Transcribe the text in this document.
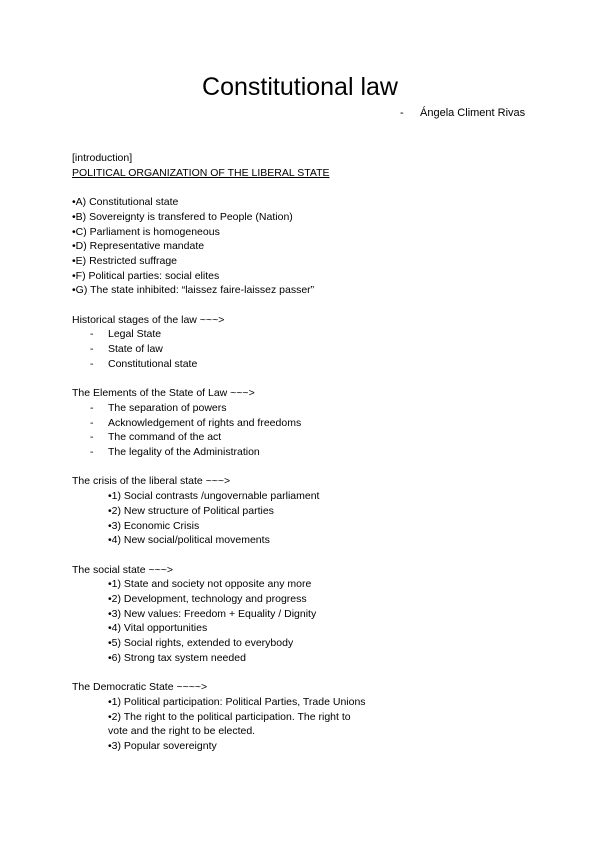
Constitutional law
- Ángela Climent Rivas
[introduction]
POLITICAL ORGANIZATION OF THE LIBERAL STATE
•A) Constitutional state
•B) Sovereignty is transfered to People (Nation)
•C) Parliament is homogeneous
•D) Representative mandate
•E) Restricted suffrage
•F) Political parties: social elites
•G) The state inhibited: “laissez faire-laissez passer”
Historical stages of the law ~~~>
- Legal State
- State of law
- Constitutional state
The Elements of the State of Law ~~~>
- The separation of powers
- Acknowledgement of rights and freedoms
- The command of the act
- The legality of the Administration
The crisis of the liberal state ~~~>
•1) Social contrasts /ungovernable parliament
•2) New structure of Political parties
•3) Economic Crisis
•4) New social/political movements
The social state ~~~>
•1) State and society not opposite any more
•2) Development, technology and progress
•3) New values: Freedom + Equality / Dignity
•4) Vital opportunities
•5) Social rights, extended to everybody
•6) Strong tax system needed
The Democratic State ~~~~>
•1) Political participation: Political Parties, Trade Unions
•2) The right to the political participation. The right to vote and the right to be elected.
•3) Popular sovereignty
